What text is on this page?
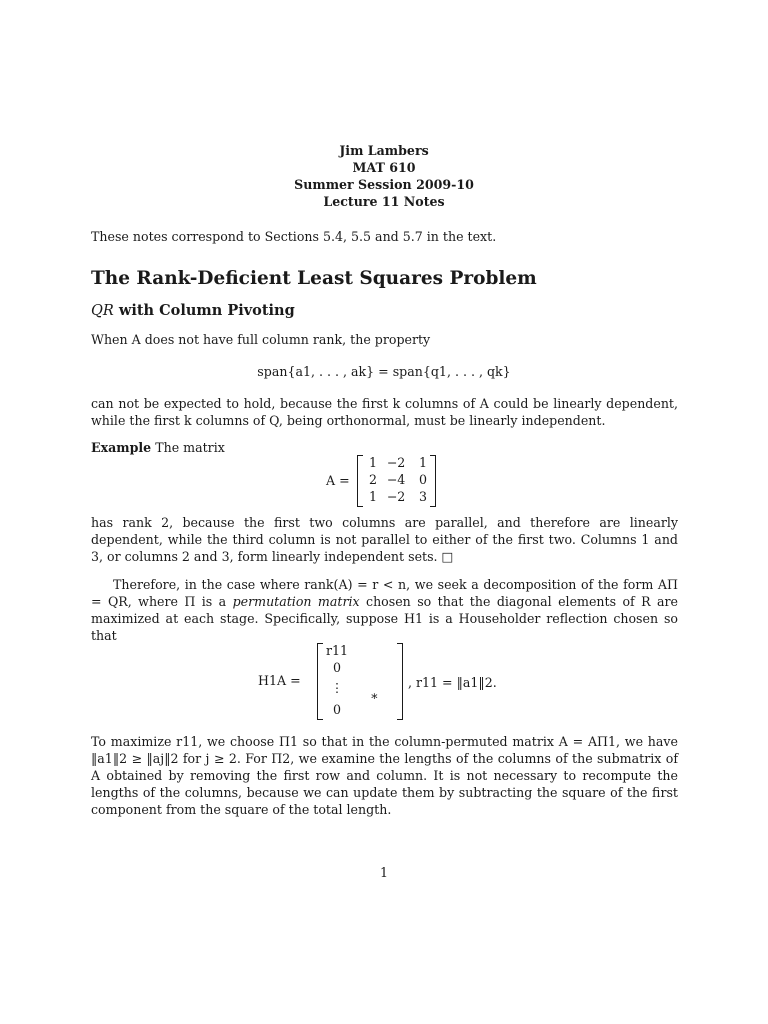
Jim Lambers
MAT 610
Summer Session 2009-10
Lecture 11 Notes
These notes correspond to Sections 5.4, 5.5 and 5.7 in the text.
The Rank-Deficient Least Squares Problem
QR with Column Pivoting
When A does not have full column rank, the property
span{a1, . . . , ak} = span{q1, . . . , qk}
can not be expected to hold, because the first k columns of A could be linearly dependent, while the first k columns of Q, being orthonormal, must be linearly independent.
Example The matrix
A =
1 −2	1
2 −4	0
1 −2	3
has rank 2, because the first two columns are parallel, and therefore are linearly dependent, while the third column is not parallel to either of the first two. Columns 1 and 3, or columns 2 and 3, form linearly independent sets. □
Therefore, in the case where rank(A) = r < n, we seek a decomposition of the form AΠ = QR, where Π is a permutation matrix chosen so that the diagonal elements of R are maximized at each stage. Specifically, suppose H1 is a Householder reflection chosen so that
H1A =
r11
0
⋮
0
∗
, r11 = ‖a1‖2.
To maximize r11, we choose Π1 so that in the column-permuted matrix A = AΠ1, we have ‖a1‖2 ≥ ‖aj‖2 for j ≥ 2. For Π2, we examine the lengths of the columns of the submatrix of A obtained by removing the first row and column. It is not necessary to recompute the lengths of the columns, because we can update them by subtracting the square of the first component from the square of the total length.
1
